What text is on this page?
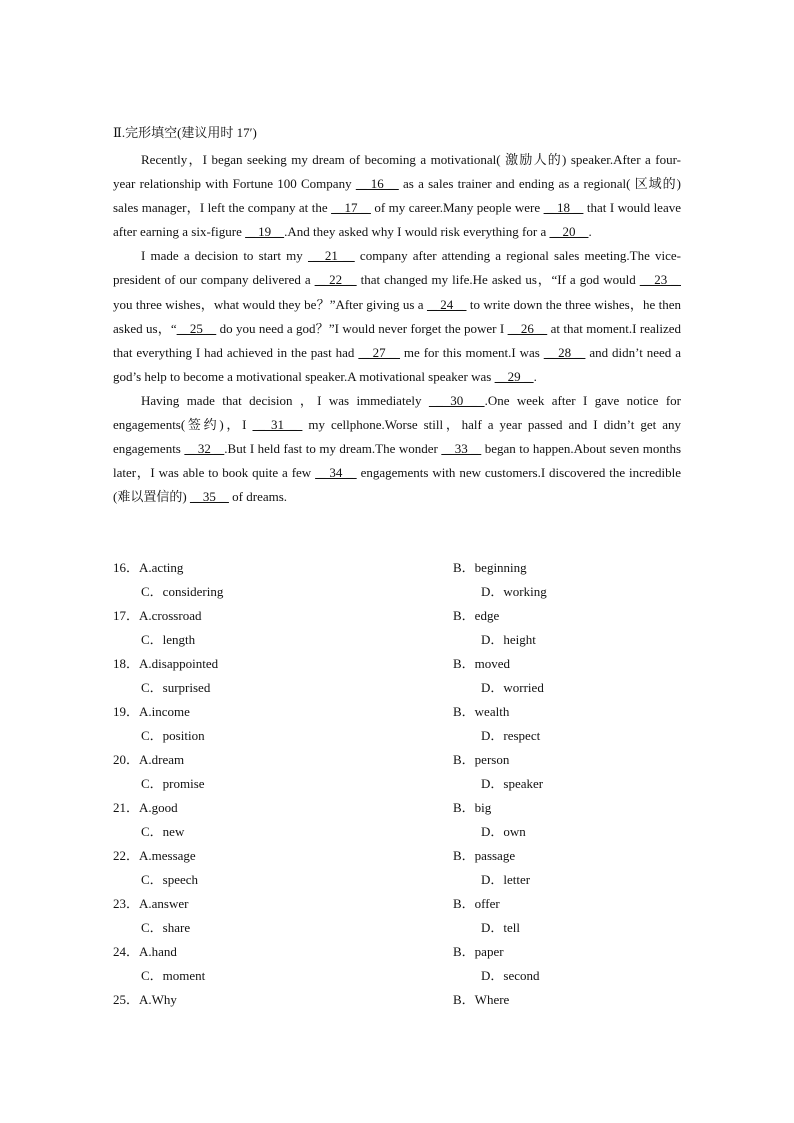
Ⅱ.完形填空(建议用时 17′)

Recently，I began seeking my dream of becoming a motivational( 激励人的) speaker.After a four-year relationship with Fortune 100 Company  _ 16 _  as a sales trainer and ending as a regional( 区域的) sales manager，I left the company at the  _ 17 _  of my career.Many people were  _ 18 _  that I would leave after earning a six-figure  _ 19 _ .And they asked why I would risk everything for a  _ 20 _ .

I made a decision to start my  _ 21 _  company after attending a regional sales meeting.The vice-president of our company delivered a  _ 22 _  that changed my life.He asked us，“If a god would  _ 23 _  you three wishes，what would they be？”After giving us a  _ 24 _  to write down the three wishes，he then asked us，“ _ 25 _  do you need a god？”I would never forget the power I  _ 26 _  at that moment.I realized that everything I had achieved in the past had  _ 27 _  me for this moment.I was  _ 28 _  and didn’t need a god’s help to become a motivational speaker.A motivational speaker was  _ 29 _ .

Having made that decision ，I was immediately  _ 30 _ .One week after I gave notice for engagements(签约)，I  _ 31 _  my cellphone.Worse still，half a year passed and I didn’t get any engagements  _ 32 _ .But I held fast to my dream.The wonder  _ 33 _  began to happen.About seven months later，I was able to book quite a few  _ 34 _  engagements with new customers.I discovered the incredible (难以置信的)  _ 35 _  of dreams.

16．A.acting	B．beginning
C．considering	D．working
17．A.crossroad	B．edge
C．length	D．height
18．A.disappointed	B．moved
C．surprised	D．worried
19．A.income	B．wealth
C．position	D．respect
20．A.dream	B．person
C．promise	D．speaker
21．A.good	B．big
C．new	D．own
22．A.message	B．passage
C．speech	D．letter
23．A.answer	B．offer
C．share	D．tell
24．A.hand	B．paper
C．moment	D．second
25．A.Why	B．Where
